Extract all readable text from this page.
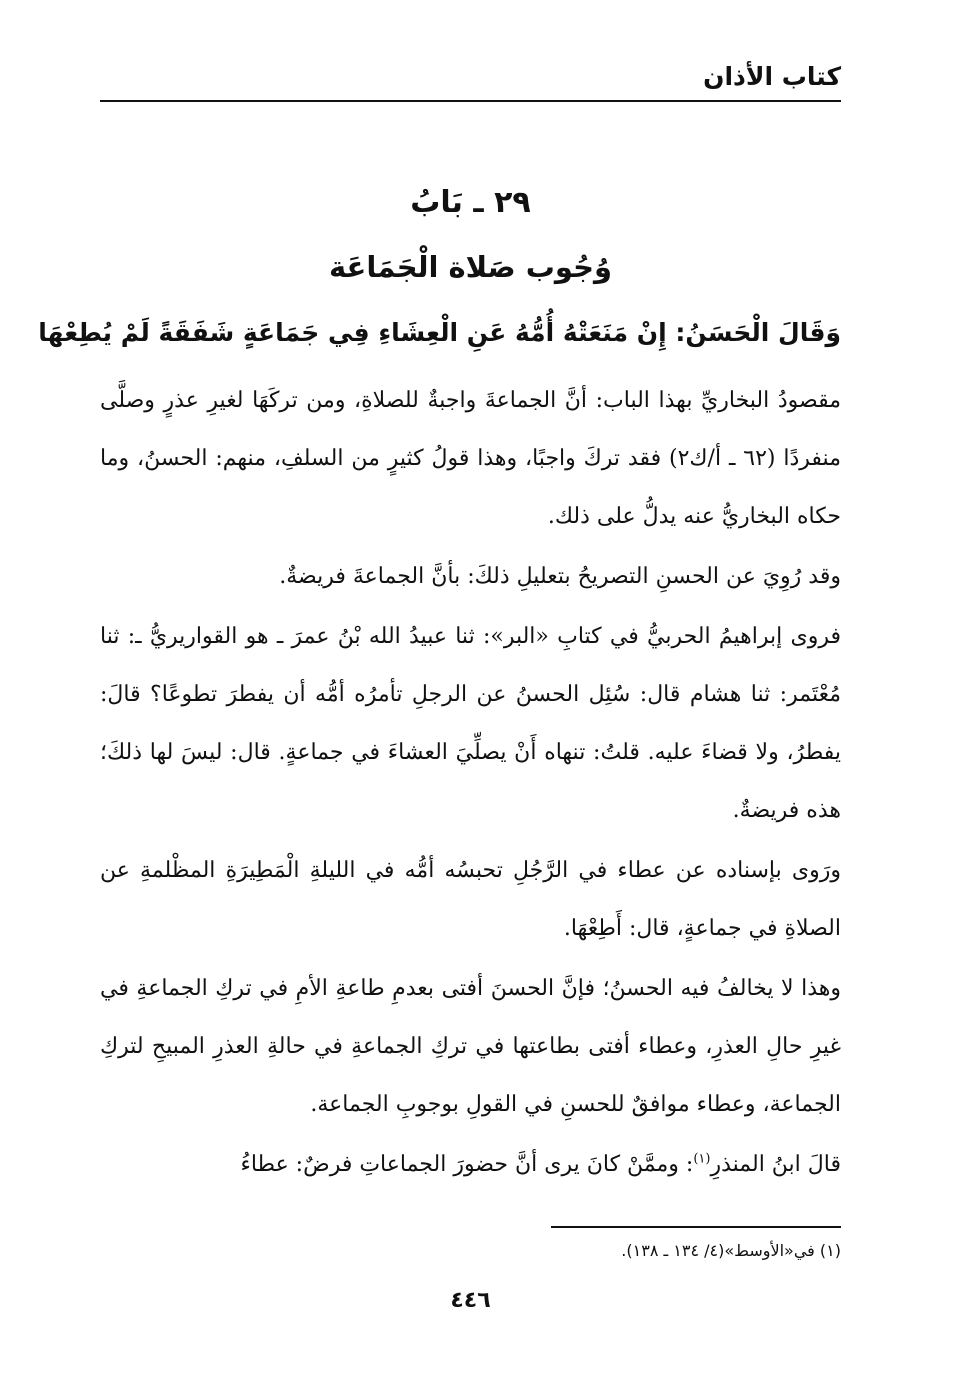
كتاب الأذان
٢٩ ـ بَابُ
وُجُوب صَلاة الْجَمَاعَة
وَقَالَ الْحَسَنُ: إِنْ مَنَعَتْهُ أُمُّهُ عَنِ الْعِشَاءِ فِي جَمَاعَةٍ شَفَقَةً لَمْ يُطِعْهَا

مقصودُ البخاريِّ بهذا الباب: أنَّ الجماعةَ واجبةٌ للصلاةِ، ومن تركَهَا لغيرِ عذرٍ وصلَّى منفردًا (٦٢ ـ أ/ك٢) فقد تركَ واجبًا، وهذا قولُ كثيرٍ من السلفِ، منهم: الحسنُ، وما حكاه البخاريُّ عنه يدلُّ على ذلك.

وقد رُوِيَ عن الحسنِ التصريحُ بتعليلِ ذلكَ: بأنَّ الجماعةَ فريضةٌ.

فروى إبراهيمُ الحربيُّ في كتابِ «البر»: ثنا عبيدُ الله بْنُ عمرَ ـ هو القواريريُّ ـ: ثنا مُعْتَمر: ثنا هشام قال: سُئِل الحسنُ عن الرجلِ تأمرُه أمُّه أن يفطرَ تطوعًا؟ قالَ: يفطرُ، ولا قضاءَ عليه. قلتُ: تنهاه أَنْ يصلِّيَ العشاءَ في جماعةٍ. قال: ليسَ لها ذلكَ؛ هذه فريضةٌ.

ورَوى بإسناده عن عطاء في الرَّجُلِ تحبسُه أمُّه في الليلةِ الْمَطِيرَةِ المظْلمةِ عن الصلاةِ في جماعةٍ، قال: أَطِعْهَا.

وهذا لا يخالفُ فيه الحسنُ؛ فإنَّ الحسنَ أفتى بعدمِ طاعةِ الأمِ في تركِ الجماعةِ في غيرِ حالِ العذرِ، وعطاء أفتى بطاعتها في تركِ الجماعةِ في حالةِ العذرِ المبيحِ لتركِ الجماعة، وعطاء موافقٌ للحسنِ في القولِ بوجوبِ الجماعة.

قالَ ابنُ المنذرِ$^{(١)}$: وممَّنْ كانَ يرى أنَّ حضورَ الجماعاتِ فرضٌ: عطاءُ

(١) في«الأوسط»(٤/ ١٣٤ ـ ١٣٨).
٤٤٦
